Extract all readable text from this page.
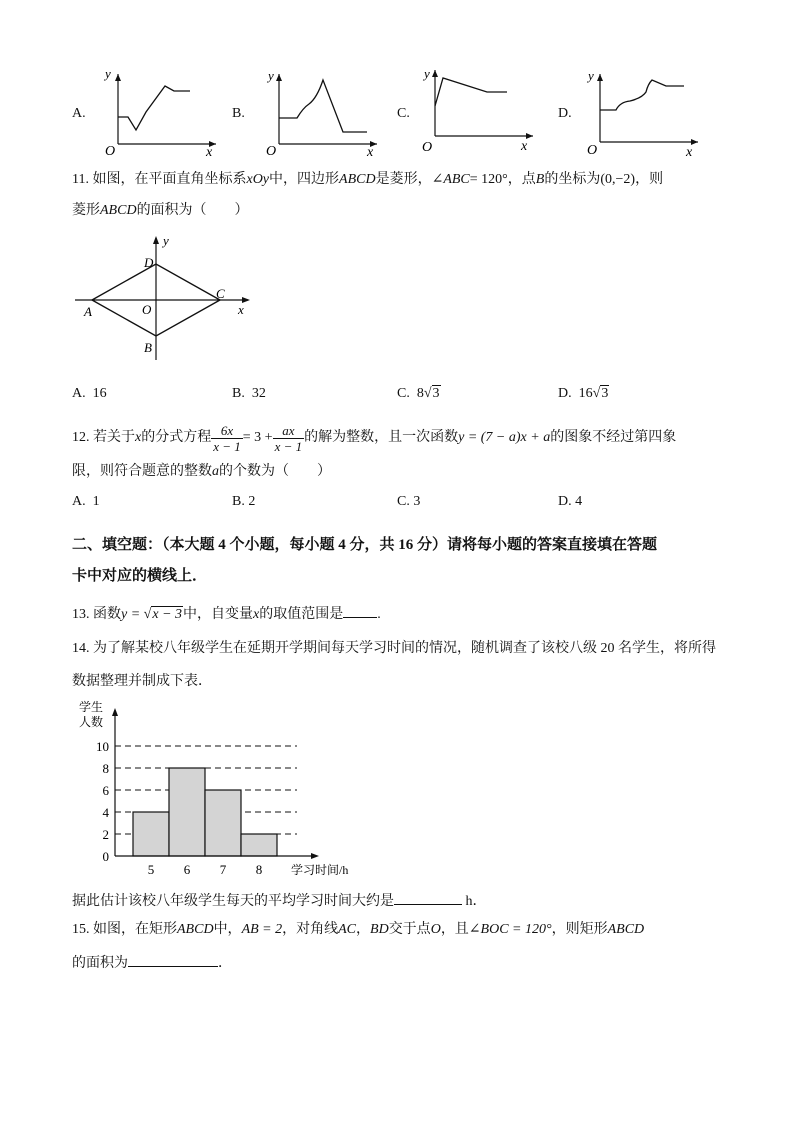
A.
O
y
x
B.
O
y
x
C.
O
y
x
D.
O
y
x
11. 如图，在平面直角坐标系xOy中，四边形ABCD是菱形，∠ABC= 120°，点B的坐标为(0,−2)，则
菱形ABCD的面积为（　　）
y
D
C
A	O
B
x
A. 16	B. 32	C. 8√3	D. 16√3
12.
若关于 x 的分式方程 $\frac{6x}{x - 1} = 3 + \frac{ax}{x - 1}$ 的解为整数，且一次函数 y = (7 − a)x + a 的图象不经过第四象
限，则符合题意的整数a的个数为（　　）
A. 1	B. 2	C. 3	D. 4
二、填空题：（本大题 4 个小题，每小题 4 分，共 16 分）请将每小题的答案直接填在答题
卡中对应的横线上．
13. 函数y = √x − 3中，自变量x的取值范围是 .
14. 为了解某校八年级学生在延期开学期间每天学习时间的情况，随机调查了该校八级 20 名学生，将所得
数据整理并制成下表．
0
2
4
6
8
10
5 6 7 8
学生
人数
学习时间/h
据此估计该校八年级学生每天的平均学习时间大约是	h．
15. 如图，在矩形ABCD中，AB = 2，对角线AC，BD交于点O，且∠BOC = 120°，则矩形ABCD
的面积为	．
